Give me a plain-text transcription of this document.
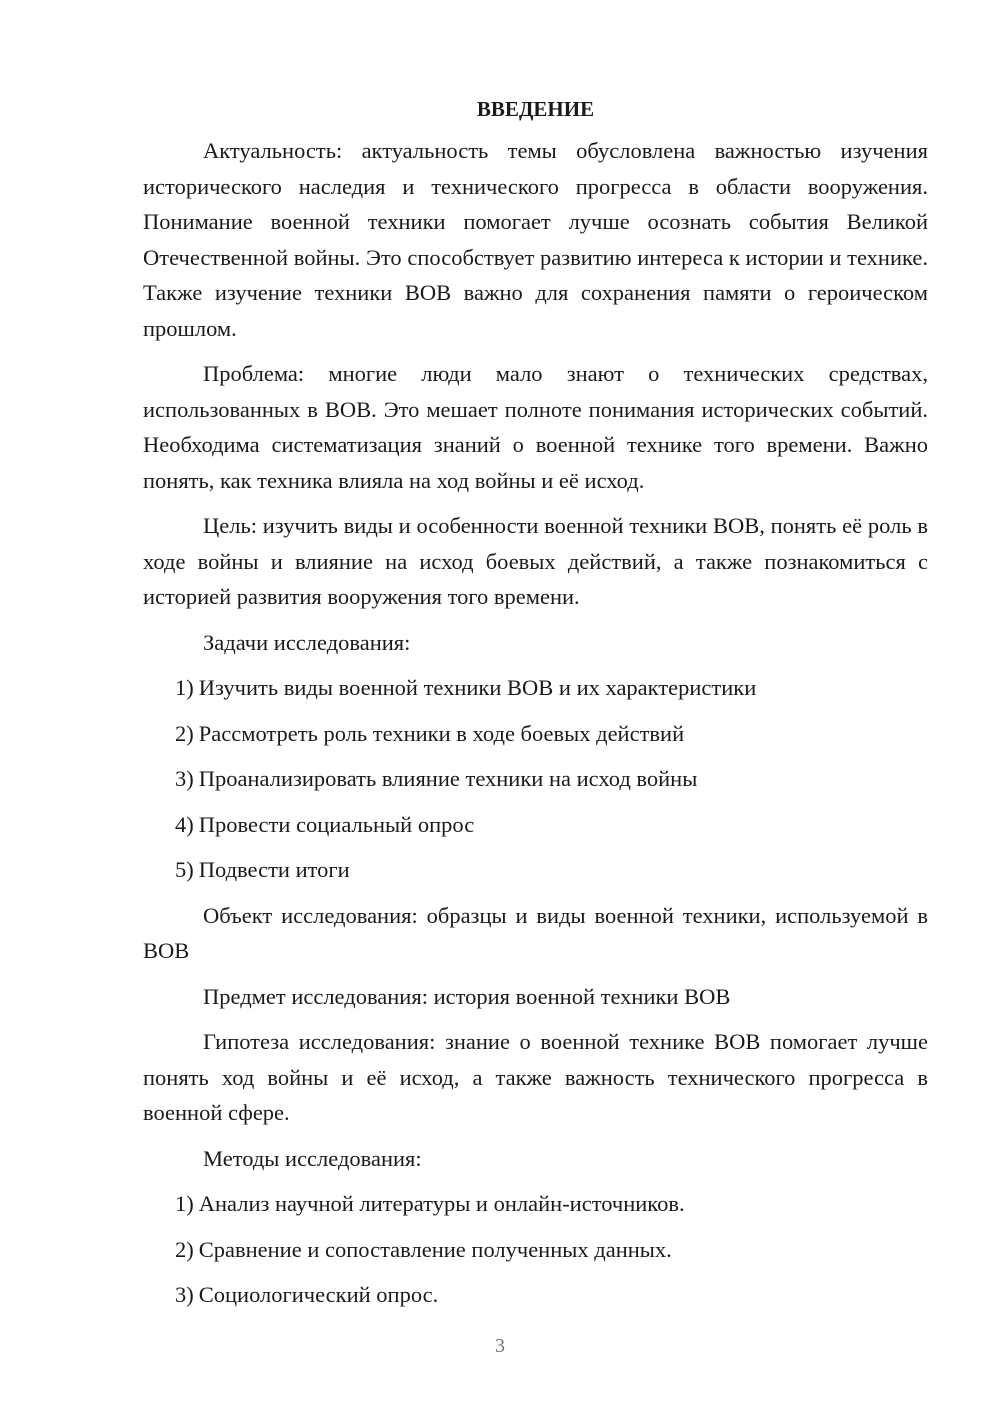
ВВЕДЕНИЕ

Актуальность: актуальность темы обусловлена важностью изучения исторического наследия и технического прогресса в области вооружения. Понимание военной техники помогает лучше осознать события Великой Отечественной войны. Это способствует развитию интереса к истории и технике. Также изучение техники ВОВ важно для сохранения памяти о героическом прошлом.

Проблема: многие люди мало знают о технических средствах, использованных в ВОВ. Это мешает полноте понимания исторических событий. Необходима систематизация знаний о военной технике того времени. Важно понять, как техника влияла на ход войны и её исход.

Цель: изучить виды и особенности военной техники ВОВ, понять её роль в ходе войны и влияние на исход боевых действий, а также познакомиться с историей развития вооружения того времени.

Задачи исследования:

1) Изучить виды военной техники ВОВ и их характеристики

2) Рассмотреть роль техники в ходе боевых действий

3) Проанализировать влияние техники на исход войны

4) Провести социальный опрос

5) Подвести итоги

Объект исследования: образцы и виды военной техники, используемой в ВОВ

Предмет исследования: история военной техники ВОВ

Гипотеза исследования: знание о военной технике ВОВ помогает лучше понять ход войны и её исход, а также важность технического прогресса в военной сфере.

Методы исследования:

1) Анализ научной литературы и онлайн-источников.

2) Сравнение и сопоставление полученных данных.

3) Социологический опрос.

3
